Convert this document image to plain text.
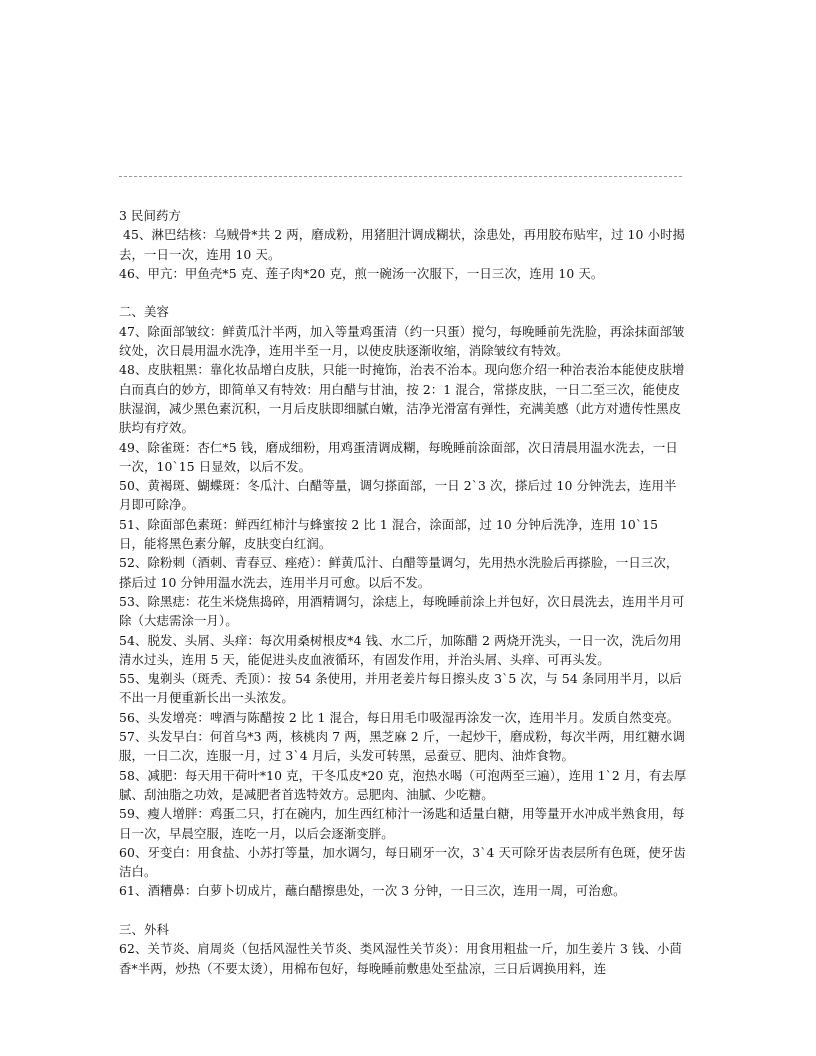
3 民间药方

45、淋巴结核：乌贼骨*共 2 两，磨成粉，用猪胆汁调成糊状，涂患处，再用胶布贴牢，过 10 小时揭去，一日一次，连用 10 天。

46、甲亢：甲鱼壳*5 克、莲子肉*20 克，煎一碗汤一次服下，一日三次，连用 10 天。

二、美容

47、除面部皱纹：鲜黄瓜汁半两，加入等量鸡蛋清（约一只蛋）搅匀，每晚睡前先洗脸，再涂抹面部皱纹处，次日晨用温水洗净，连用半至一月，以使皮肤逐渐收缩，消除皱纹有特效。

48、皮肤粗黑：靠化妆品增白皮肤，只能一时掩饰，治表不治本。现向您介绍一种治表治本能使皮肤增白而真白的妙方，即简单又有特效：用白醋与甘油，按 2：1 混合，常搽皮肤，一日二至三次，能使皮肤湿润，减少黑色素沉积，一月后皮肤即细腻白嫩，洁净光滑富有弹性，充满美感（此方对遗传性黑皮肤均有疗效。

49、除雀斑：杏仁*5 钱，磨成细粉，用鸡蛋清调成糊，每晚睡前涂面部，次日清晨用温水洗去，一日一次，10`15 日显效，以后不发。

50、黄褐斑、蝴蝶斑：冬瓜汁、白醋等量，调匀搽面部，一日 2`3 次，搽后过 10 分钟洗去，连用半月即可除净。

51、除面部色素斑：鲜西红柿汁与蜂蜜按 2 比 1 混合，涂面部，过 10 分钟后洗净，连用 10`15 日，能将黑色素分解，皮肤变白红润。

52、除粉刺（酒刺、青春豆、痤疮）：鲜黄瓜汁、白醋等量调匀，先用热水洗脸后再搽脸，一日三次，搽后过 10 分钟用温水洗去，连用半月可愈。以后不发。

53、除黑痣：花生米烧焦捣碎，用酒精调匀，涂痣上，每晚睡前涂上并包好，次日晨洗去，连用半月可除（大痣需涂一月）。

54、脱发、头屑、头痒：每次用桑树根皮*4 钱、水二斤，加陈醋 2 两烧开洗头，一日一次，洗后勿用清水过头，连用 5 天，能促进头皮血液循环，有固发作用，并治头屑、头痒、可再头发。

55、鬼剃头（斑秃、秃顶）：按 54 条使用，并用老姜片每日擦头皮 3`5 次，与 54 条同用半月，以后不出一月便重新长出一头浓发。

56、头发增亮：啤酒与陈醋按 2 比 1 混合，每日用毛巾吸湿再涂发一次，连用半月。发质自然变亮。

57、头发早白：何首乌*3 两，核桃肉 7 两，黑芝麻 2 斤，一起炒干，磨成粉，每次半两，用红糖水调服，一日二次，连服一月，过 3`4 月后，头发可转黑，忌蚕豆、肥肉、油炸食物。

58、减肥：每天用干荷叶*10 克，干冬瓜皮*20 克，泡热水喝（可泡两至三遍），连用 1`2 月，有去厚腻、刮油脂之功效，是减肥者首选特效方。忌肥肉、油腻、少吃糖。

59、瘦人增胖：鸡蛋二只，打在碗内，加生西红柿汁一汤匙和适量白糖，用等量开水冲成半熟食用，每日一次，早晨空服，连吃一月，以后会逐渐变胖。

60、牙变白：用食盐、小苏打等量，加水调匀，每日刷牙一次，3`4 天可除牙齿表层所有色斑，使牙齿洁白。

61、酒糟鼻：白萝卜切成片，蘸白醋擦患处，一次 3 分钟，一日三次，连用一周，可治愈。

三、外科

62、关节炎、肩周炎（包括风湿性关节炎、类风湿性关节炎）：用食用粗盐一斤，加生姜片 3 钱、小茴香*半两，炒热（不要太烫），用棉布包好，每晚睡前敷患处至盐凉，三日后调换用料，连
